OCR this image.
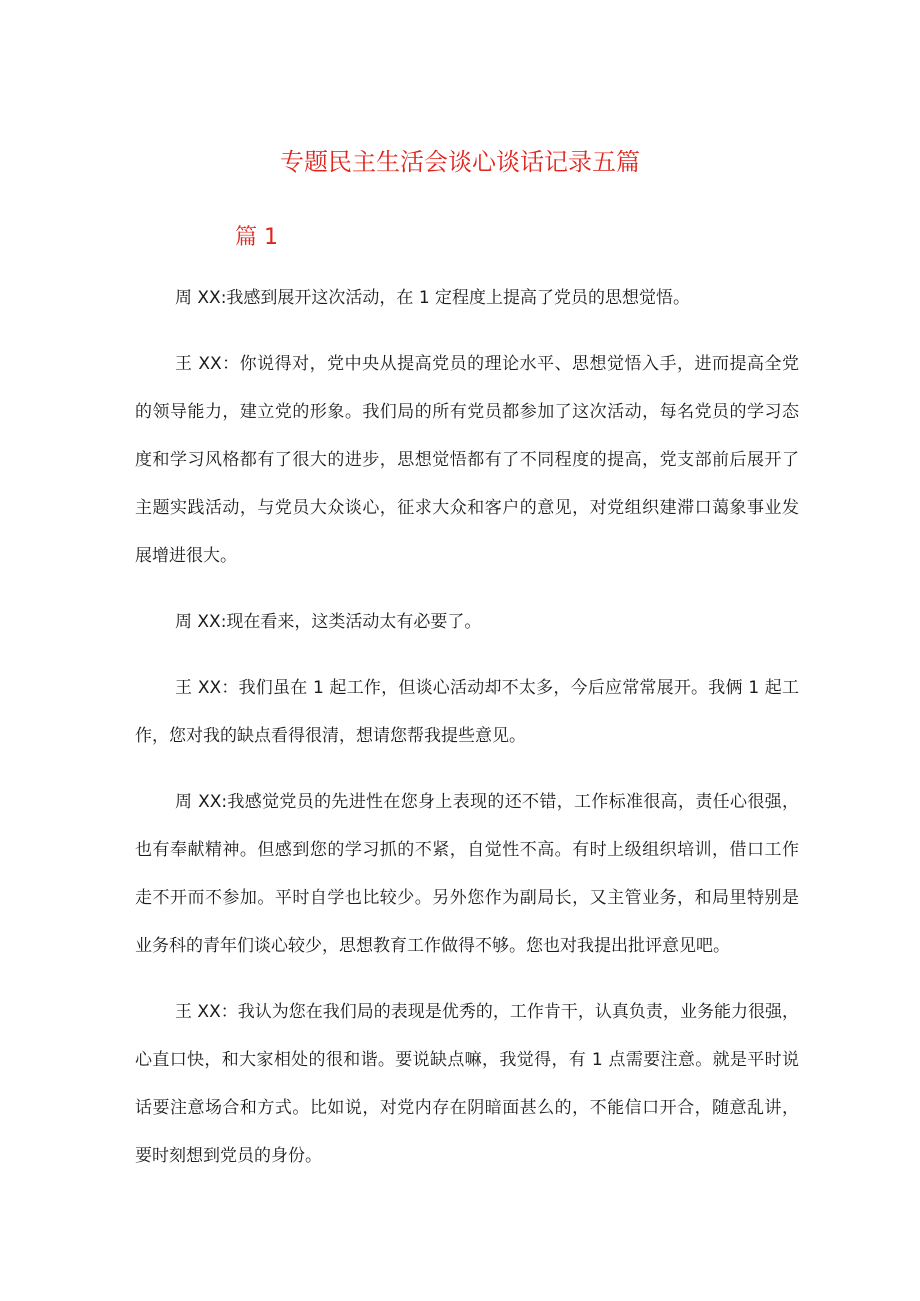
专题民主生活会谈心谈话记录五篇
篇 1
周 XX:我感到展开这次活动，在 1 定程度上提高了党员的思想觉悟。
王 XX：你说得对，党中央从提高党员的理论水平、思想觉悟入手，进而提高全党
的领导能力，建立党的形象。我们局的所有党员都参加了这次活动，每名党员的学习态
度和学习风格都有了很大的进步，思想觉悟都有了不同程度的提高，党支部前后展开了
主题实践活动，与党员大众谈心，征求大众和客户的意见，对党组织建滞口蔼象事业发
展增进很大。
周 XX:现在看来，这类活动太有必要了。
王 XX：我们虽在 1 起工作，但谈心活动却不太多，今后应常常展开。我俩 1 起工
作，您对我的缺点看得很清，想请您帮我提些意见。
周 XX:我感觉党员的先进性在您身上表现的还不错，工作标准很高，责任心很强，
也有奉献精神。但感到您的学习抓的不紧，自觉性不高。有时上级组织培训，借口工作
走不开而不参加。平时自学也比较少。另外您作为副局长，又主管业务，和局里特别是
业务科的青年们谈心较少，思想教育工作做得不够。您也对我提出批评意见吧。
王 XX：我认为您在我们局的表现是优秀的，工作肯干，认真负责，业务能力很强，
心直口快，和大家相处的很和谐。要说缺点嘛，我觉得，有 1 点需要注意。就是平时说
话要注意场合和方式。比如说，对党内存在阴暗面甚么的，不能信口开合，随意乱讲，
要时刻想到党员的身份。
